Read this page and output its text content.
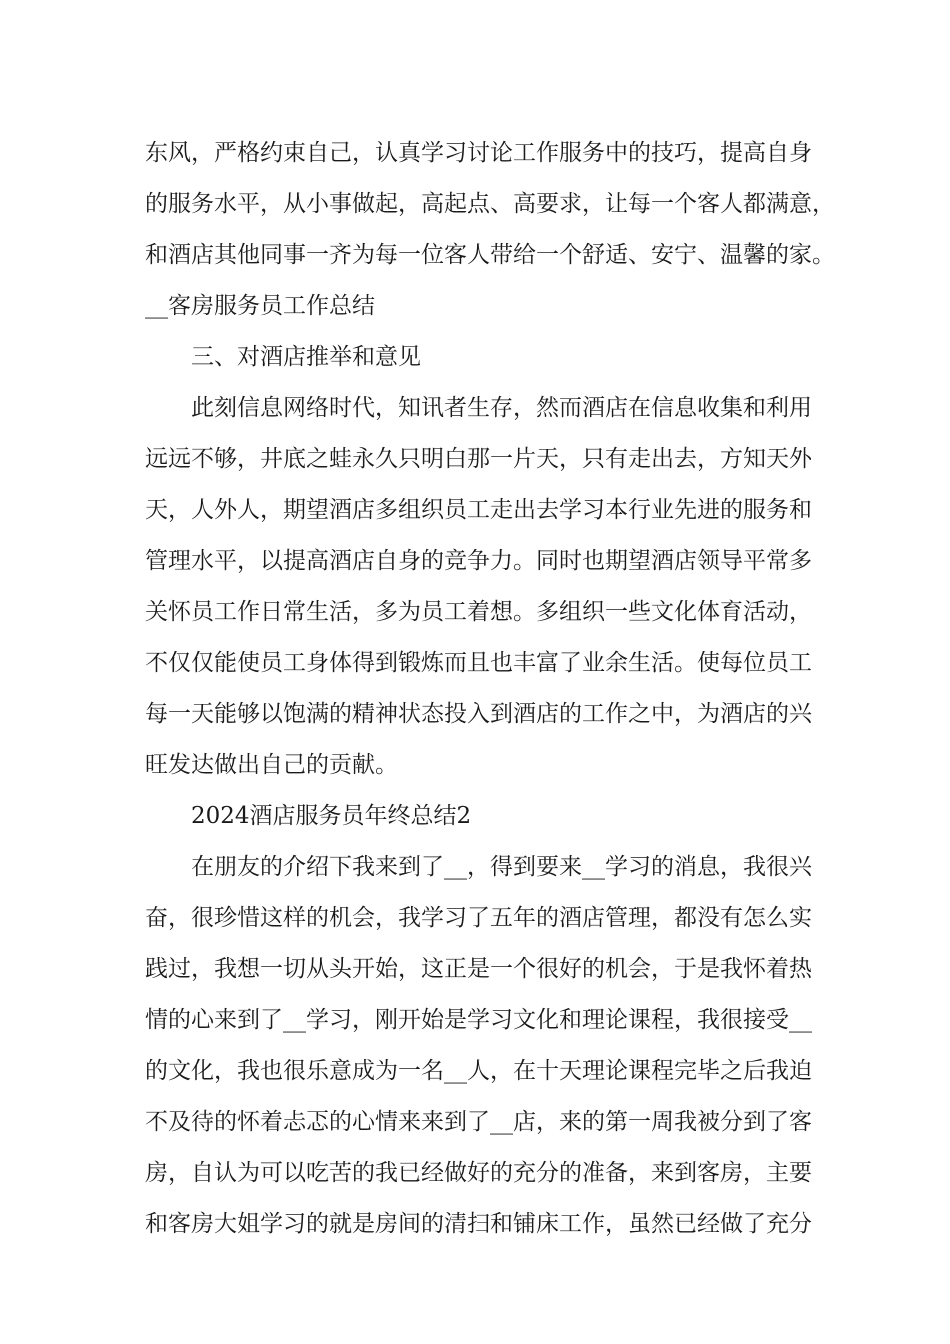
东风，严格约束自己，认真学习讨论工作服务中的技巧，提高自身
的服务水平，从小事做起，高起点、高要求，让每一个客人都满意，
和酒店其他同事一齐为每一位客人带给一个舒适、安宁、温馨的家。
__客房服务员工作总结
三、对酒店推举和意见
此刻信息网络时代，知讯者生存，然而酒店在信息收集和利用
远远不够，井底之蛙永久只明白那一片天，只有走出去，方知天外
天，人外人，期望酒店多组织员工走出去学习本行业先进的服务和
管理水平，以提高酒店自身的竞争力。同时也期望酒店领导平常多
关怀员工作日常生活，多为员工着想。多组织一些文化体育活动，
不仅仅能使员工身体得到锻炼而且也丰富了业余生活。使每位员工
每一天能够以饱满的精神状态投入到酒店的工作之中，为酒店的兴
旺发达做出自己的贡献。
2024酒店服务员年终总结2
在朋友的介绍下我来到了__，得到要来__学习的消息，我很兴
奋，很珍惜这样的机会，我学习了五年的酒店管理，都没有怎么实
践过，我想一切从头开始，这正是一个很好的机会，于是我怀着热
情的心来到了__学习，刚开始是学习文化和理论课程，我很接受__
的文化，我也很乐意成为一名__人，在十天理论课程完毕之后我迫
不及待的怀着忐忑的心情来来到了__店，来的第一周我被分到了客
房，自认为可以吃苦的我已经做好的充分的准备，来到客房，主要
和客房大姐学习的就是房间的清扫和铺床工作，虽然已经做了充分
